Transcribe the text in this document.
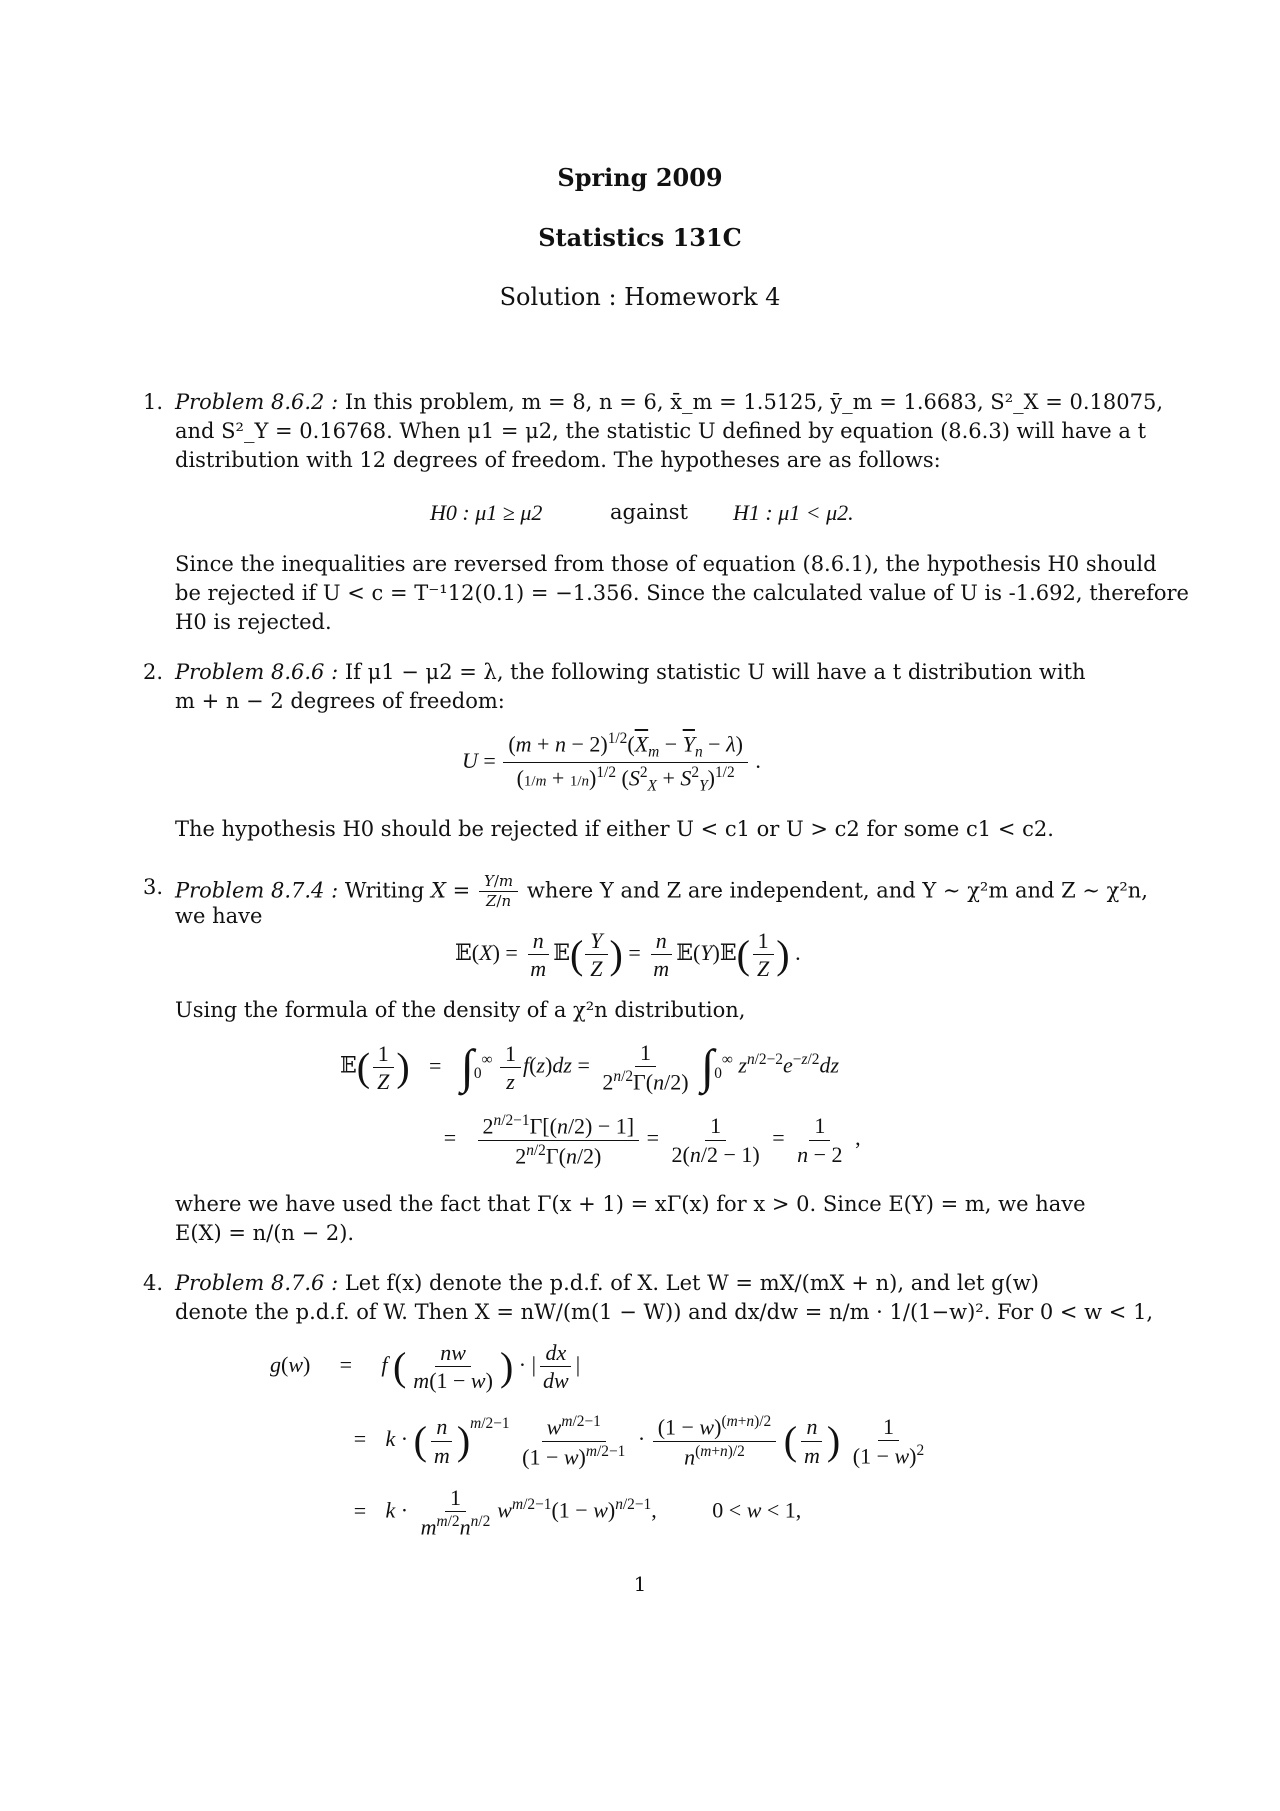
Spring 2009
Statistics 131C
Solution : Homework 4
1. Problem 8.6.2 : In this problem, m = 8, n = 6, x̄_m = 1.5125, ȳ_m = 1.6683, S²_X = 0.18075,
and S²_Y = 0.16768. When μ1 = μ2, the statistic U defined by equation (8.6.3) will have a t
distribution with 12 degrees of freedom. The hypotheses are as follows:
H0 : μ1 ≥ μ2	against H1 : μ1 < μ2.
Since the inequalities are reversed from those of equation (8.6.1), the hypothesis H0 should
be rejected if U < c = T⁻¹12(0.1) = −1.356. Since the calculated value of U is -1.692, therefore
H0 is rejected.
2. Problem 8.6.6 : If μ1 − μ2 = λ, the following statistic U will have a t distribution with
m + n − 2 degrees of freedom:
$U = \frac{(m + n - 2)^{1/2}(\overline{X}_m - \overline{Y}_n - \lambda)}{(1/m + 1/n)^{1/2} (S^2_X + S^2_Y)^{1/2}}$ .
The hypothesis H0 should be rejected if either U < c1 or U > c2 for some c1 < c2.
3. Problem 8.7.4 : Writing $X = \frac{Y/m}{Z/n}$ where Y and Z are independent, and Y ∼ χ²m and Z ∼ χ²n,
we have
𝔼(X) = $\frac{n}{m}$ 𝔼( $\frac{Y}{Z}$ ) = $\frac{n}{m}$ 𝔼(Y)𝔼( $\frac{1}{Z}$ ) .
Using the formula of the density of a χ²n distribution,
𝔼( $\frac{1}{Z}$ ) = $\int_0^\infty \frac{1}{z} f(z)dz = \frac{1}{2^{n/2}\Gamma(n/2)} \int_0^\infty$ $z^{n/2-2}e^{-z/2}dz$
= $\frac{2^{n/2-1}\Gamma[(n/2) - 1]}{2^{n/2}\Gamma(n/2)} = \frac{1}{2(n/2 - 1)} = \frac{1}{n - 2}$ ,
where we have used the fact that Γ(x + 1) = xΓ(x) for x > 0. Since E(Y) = m, we have
E(X) = n/(n − 2).
4. Problem 8.7.6 : Let f(x) denote the p.d.f. of X. Let W = mX/(mX + n), and let g(w)
denote the p.d.f. of W. Then X = nW/(m(1 − W)) and dx/dw = n/m · 1/(1−w)². For 0 < w < 1,
g(w) = f ( $\frac{nw}{m(1 - w)}$ ) · | $\frac{dx}{dw}$ |
= k · ( $\frac{n}{m} )^{m/2-1} \frac{w^{m/2-1}}{(1 - w)^{m/2-1}} \cdot \frac{(1 - w)^{(m+n)/2}}{n^{(m+n)/2}}$ ( $\frac{n}{m}$ ) $\frac{1}{(1 - w)^2}$
= $k \cdot \frac{1}{m^{m/2}n^{n/2}} w^{m/2-1}(1 - w)^{n/2-1}$, 0 < w < 1,
1
